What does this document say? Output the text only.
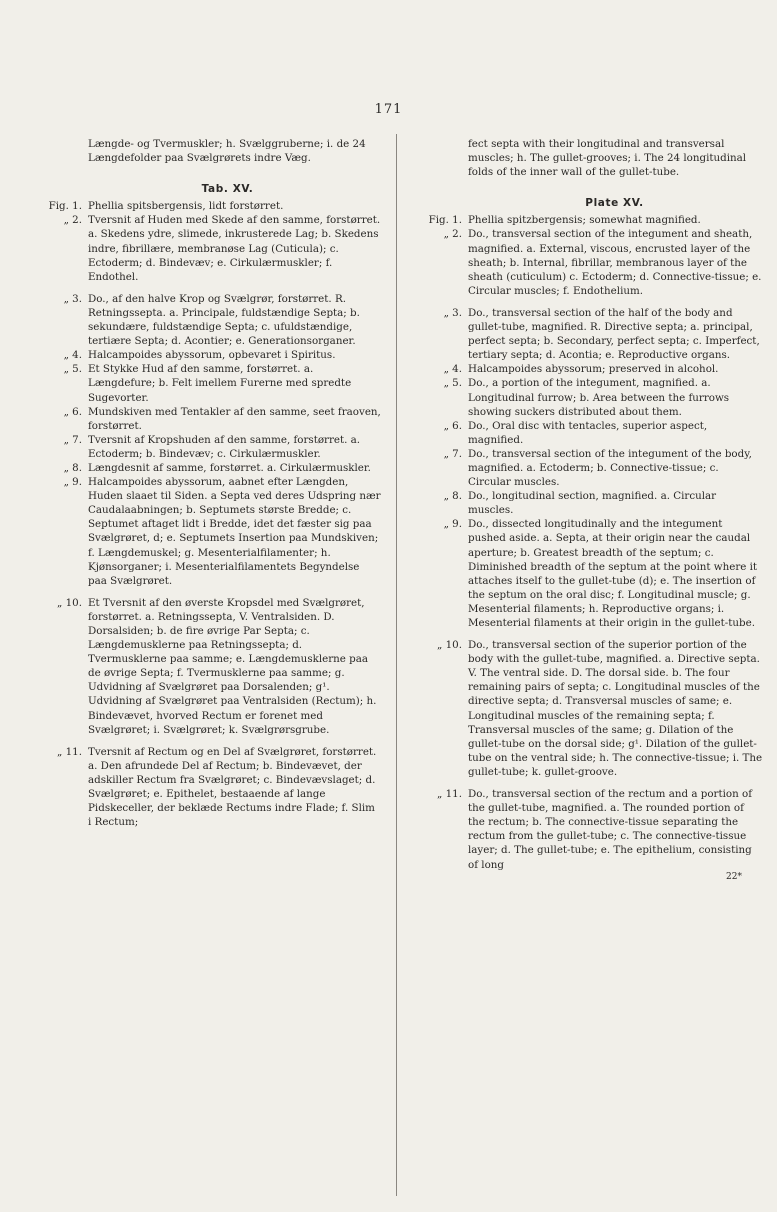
171

Længde- og Tvermuskler; h. Svælggruberne; i. de 24 Længdefolder paa Svælgrørets indre Væg.

Tab. XV.
Fig. 1. Phellia spitsbergensis, lidt forstørret.
„ 2. Tversnit af Huden med Skede af den samme, forstørret. a. Skedens ydre, slimede, inkrusterede Lag; b. Skedens indre, fibrillære, membranøse Lag (Cuticula); c. Ectoderm; d. Bindevæv; e. Cirkulærmuskler; f. Endothel.
„ 3. Do., af den halve Krop og Svælgrør, forstørret. R. Retningssepta. a. Principale, fuldstændige Septa; b. sekundære, fuldstændige Septa; c. ufuldstændige, tertiære Septa; d. Acontier; e. Generationsorganer.
„ 4. Halcampoides abyssorum, opbevaret i Spiritus.
„ 5. Et Stykke Hud af den samme, forstørret. a. Længdefure; b. Felt imellem Furerne med spredte Sugevorter.
„ 6. Mundskiven med Tentakler af den samme, seet fraoven, forstørret.
„ 7. Tversnit af Kropshuden af den samme, forstørret. a. Ectoderm; b. Bindevæv; c. Cirkulærmuskler.
„ 8. Længdesnit af samme, forstørret. a. Cirkulærmuskler.
„ 9. Halcampoides abyssorum, aabnet efter Længden, Huden slaaet til Siden. a Septa ved deres Udspring nær Caudalaabningen; b. Septumets største Bredde; c. Septumet aftaget lidt i Bredde, idet det fæster sig paa Svælgrøret, d; e. Septumets Insertion paa Mundskiven; f. Længdemuskel; g. Mesenterialfilamenter; h. Kjønsorganer; i. Mesenterialfilamentets Begyndelse paa Svælgrøret.
„ 10. Et Tversnit af den øverste Kropsdel med Svælgrøret, forstørret. a. Retningssepta, V. Ventralsiden. D. Dorsalsiden; b. de fire øvrige Par Septa; c. Længdemusklerne paa Retningssepta; d. Tvermusklerne paa samme; e. Længdemusklerne paa de øvrige Septa; f. Tvermusklerne paa samme; g. Udvidning af Svælgrøret paa Dorsalenden; g¹. Udvidning af Svælgrøret paa Ventralsiden (Rectum); h. Bindevævet, hvorved Rectum er forenet med Svælgrøret; i. Svælgrøret; k. Svælgrørsgrube.
„ 11. Tversnit af Rectum og en Del af Svælgrøret, forstørret. a. Den afrundede Del af Rectum; b. Bindevævet, der adskiller Rectum fra Svælgrøret; c. Bindevævslaget; d. Svælgrøret; e. Epithelet, bestaaende af lange Pidskeceller, der beklæde Rectums indre Flade; f. Slim i Rectum;

fect septa with their longitudinal and transversal muscles; h. The gullet-grooves; i. The 24 longitudinal folds of the inner wall of the gullet-tube.

Plate XV.
Fig. 1. Phellia spitzbergensis; somewhat magnified.
„ 2. Do., transversal section of the integument and sheath, magnified. a. External, viscous, encrusted layer of the sheath; b. Internal, fibrillar, membranous layer of the sheath (cuticulum) c. Ectoderm; d. Connective-tissue; e. Circular muscles; f. Endothelium.
„ 3. Do., transversal section of the half of the body and gullet-tube, magnified. R. Directive septa; a. principal, perfect septa; b. Secondary, perfect septa; c. Imperfect, tertiary septa; d. Acontia; e. Reproductive organs.
„ 4. Halcampoides abyssorum; preserved in alcohol.
„ 5. Do., a portion of the integument, magnified. a. Longitudinal furrow; b. Area between the furrows showing suckers distributed about them.
„ 6. Do., Oral disc with tentacles, superior aspect, magnified.
„ 7. Do., transversal section of the integument of the body, magnified. a. Ectoderm; b. Connective-tissue; c. Circular muscles.
„ 8. Do., longitudinal section, magnified. a. Circular muscles.
„ 9. Do., dissected longitudinally and the integument pushed aside. a. Septa, at their origin near the caudal aperture; b. Greatest breadth of the septum; c. Diminished breadth of the septum at the point where it attaches itself to the gullet-tube (d); e. The insertion of the septum on the oral disc; f. Longitudinal muscle; g. Mesenterial filaments; h. Reproductive organs; i. Mesenterial filaments at their origin in the gullet-tube.
„ 10. Do., transversal section of the superior portion of the body with the gullet-tube, magnified. a. Directive septa. V. The ventral side. D. The dorsal side. b. The four remaining pairs of septa; c. Longitudinal muscles of the directive septa; d. Transversal muscles of same; e. Longitudinal muscles of the remaining septa; f. Transversal muscles of the same; g. Dilation of the gullet-tube on the dorsal side; g¹. Dilation of the gullet-tube on the ventral side; h. The connective-tissue; i. The gullet-tube; k. gullet-groove.
„ 11. Do., transversal section of the rectum and a portion of the gullet-tube, magnified. a. The rounded portion of the rectum; b. The connective-tissue separating the rectum from the gullet-tube; c. The connective-tissue layer; d. The gullet-tube; e. The epithelium, consisting of long
22*
